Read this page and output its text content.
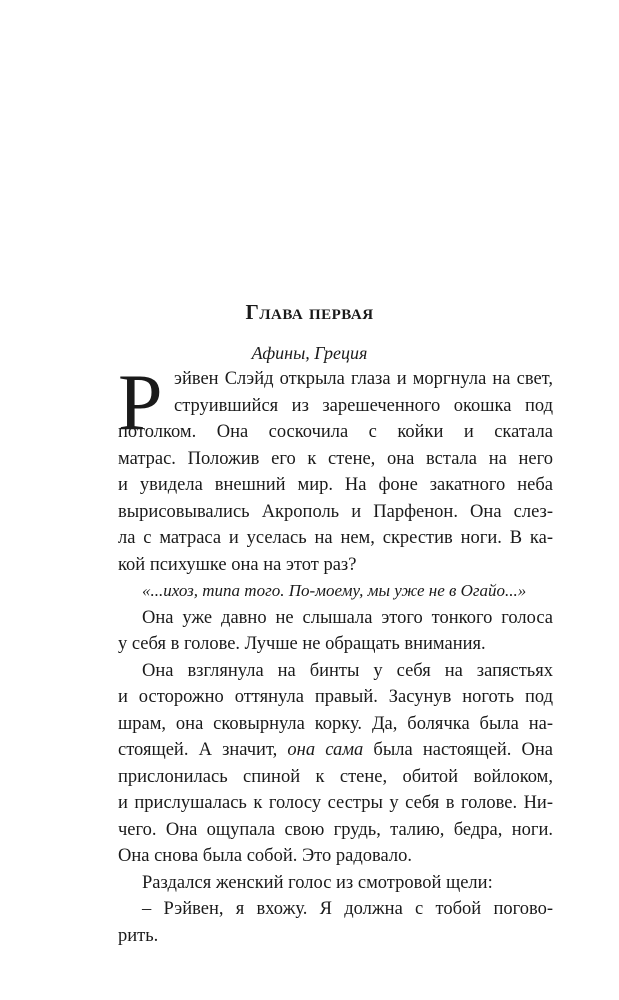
Глава первая
Афины, Греция
Р эйвен Слэйд открыла глаза и моргнула на свет,
струившийся из зарешеченного окошка под
потолком. Она соскочила с койки и скатала
матрас. Положив его к стене, она встала на него
и увидела внешний мир. На фоне закатного неба
вырисовывались Акрополь и Парфенон. Она слез-
ла с матраса и уселась на нем, скрестив ноги. В ка-
кой психушке она на этот раз?
«...ихоз, типа того. По-моему, мы уже не в Огайо...»
Она уже давно не слышала этого тонкого голоса
у себя в голове. Лучше не обращать внимания.
Она взглянула на бинты у себя на запястьях
и осторожно оттянула правый. Засунув ноготь под
шрам, она сковырнула корку. Да, болячка была на-
стоящей. А значит, она сама была настоящей. Она
прислонилась спиной к стене, обитой войлоком,
и прислушалась к голосу сестры у себя в голове. Ни-
чего. Она ощупала свою грудь, талию, бедра, ноги.
Она снова была собой. Это радовало.
Раздался женский голос из смотровой щели:
– Рэйвен, я вхожу. Я должна с тобой погово-
рить.
